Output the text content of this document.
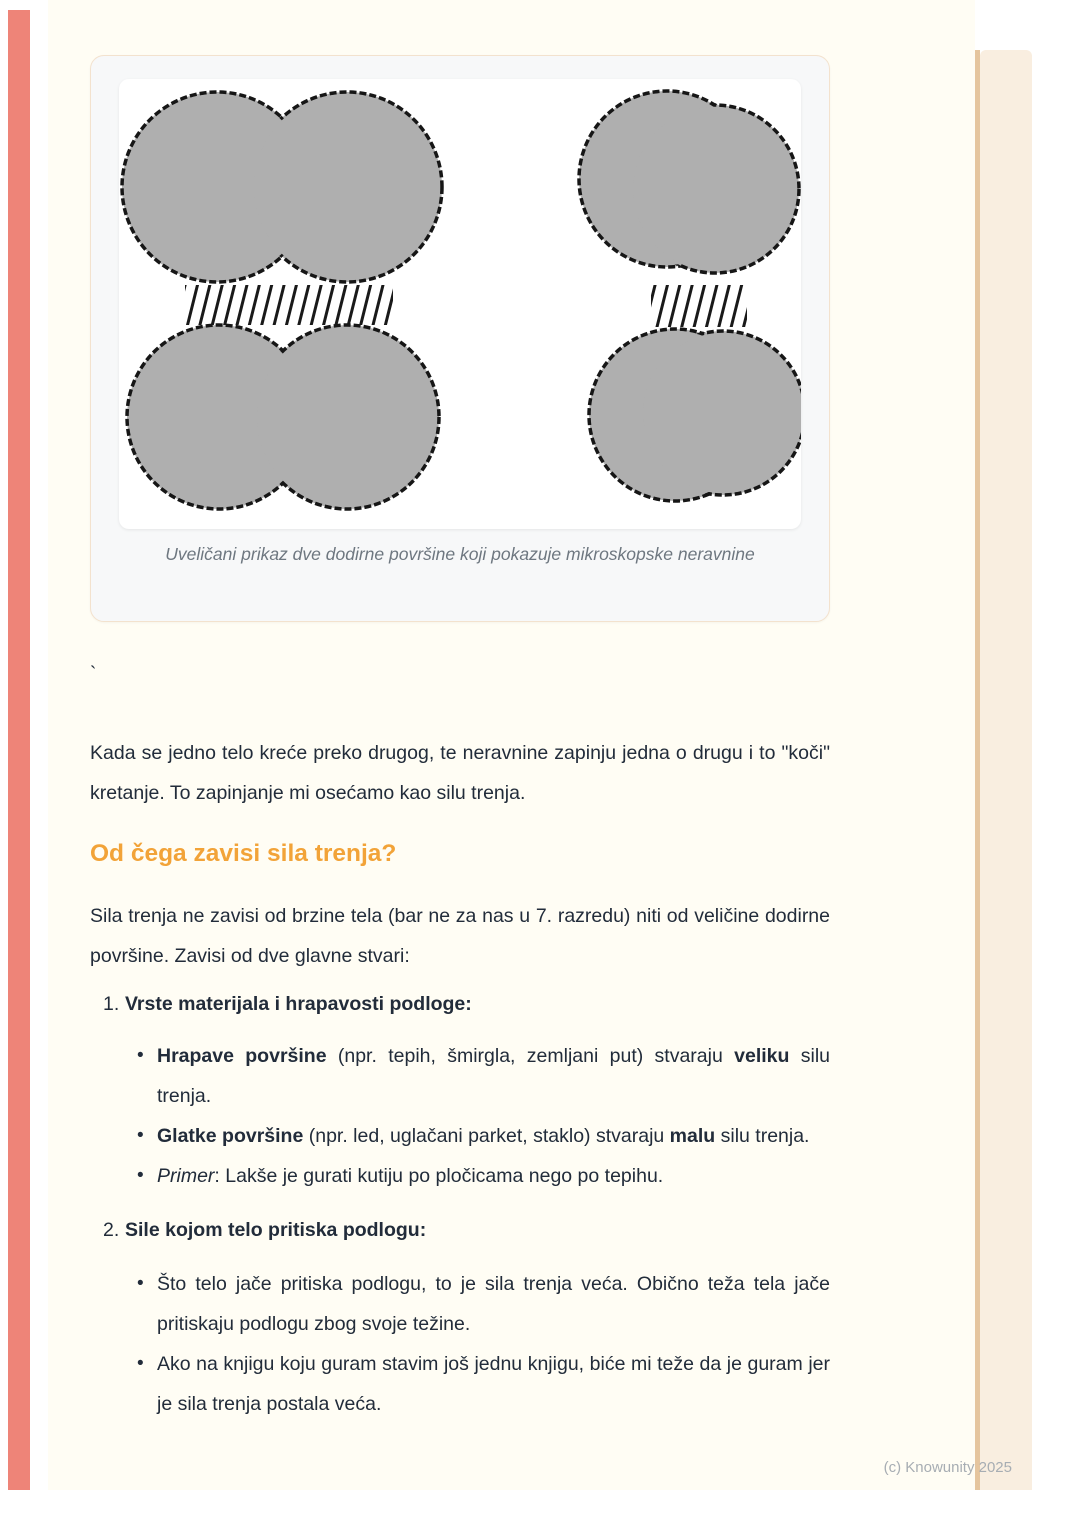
Uveličani prikaz dve dodirne površine koji pokazuje mikroskopske neravnine
`

Kada se jedno telo kreće preko drugog, te neravnine zapinju jedna o drugu i to "koči" kretanje. To zapinjanje mi osećamo kao silu trenja.

Od čega zavisi sila trenja?

Sila trenja ne zavisi od brzine tela (bar ne za nas u 7. razredu) niti od veličine dodirne površine. Zavisi od dve glavne stvari:

1. Vrste materijala i hrapavosti podloge:
• Hrapave površine (npr. tepih, šmirgla, zemljani put) stvaraju veliku silu trenja.
• Glatke površine (npr. led, uglačani parket, staklo) stvaraju malu silu trenja.
• Primer: Lakše je gurati kutiju po pločicama nego po tepihu.
2. Sile kojom telo pritiska podlogu:
• Što telo jače pritiska podlogu, to je sila trenja veća. Obično teža tela jače pritiskaju podlogu zbog svoje težine.
• Ako na knjigu koju guram stavim još jednu knjigu, biće mi teže da je guram jer je sila trenja postala veća.
(c) Knowunity 2025
